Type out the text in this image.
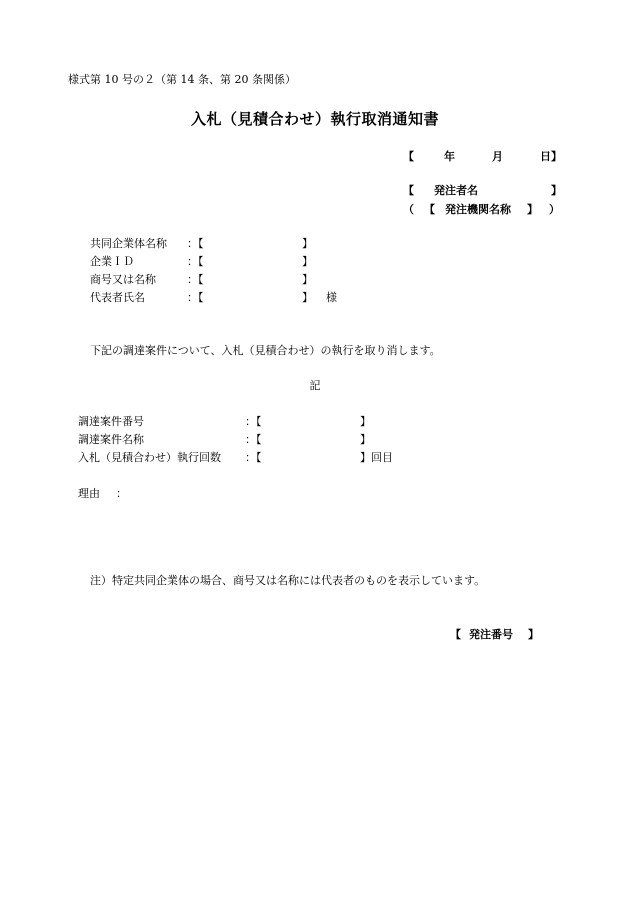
様式第 10 号の２（第 14 条、第 20 条関係）
入札（見積合わせ）執行取消通知書
【	年	月	日】
【 発注者名	】
（ 【 発注機関名称 】 ）
共同企業体名称 ：【	】
企業ＩＤ	：【	】
商号又は名称	：【	】
代表者氏名	：【	】 様
下記の調達案件について、入札（見積合わせ）の執行を取り消します。
記
調達案件番号	：【	】
調達案件名称	：【	】
入札（見積合わせ）執行回数 ：【	】 回目
理由 ：
注）特定共同企業体の場合、商号又は名称には代表者のものを表示しています。
【 発注番号 】
